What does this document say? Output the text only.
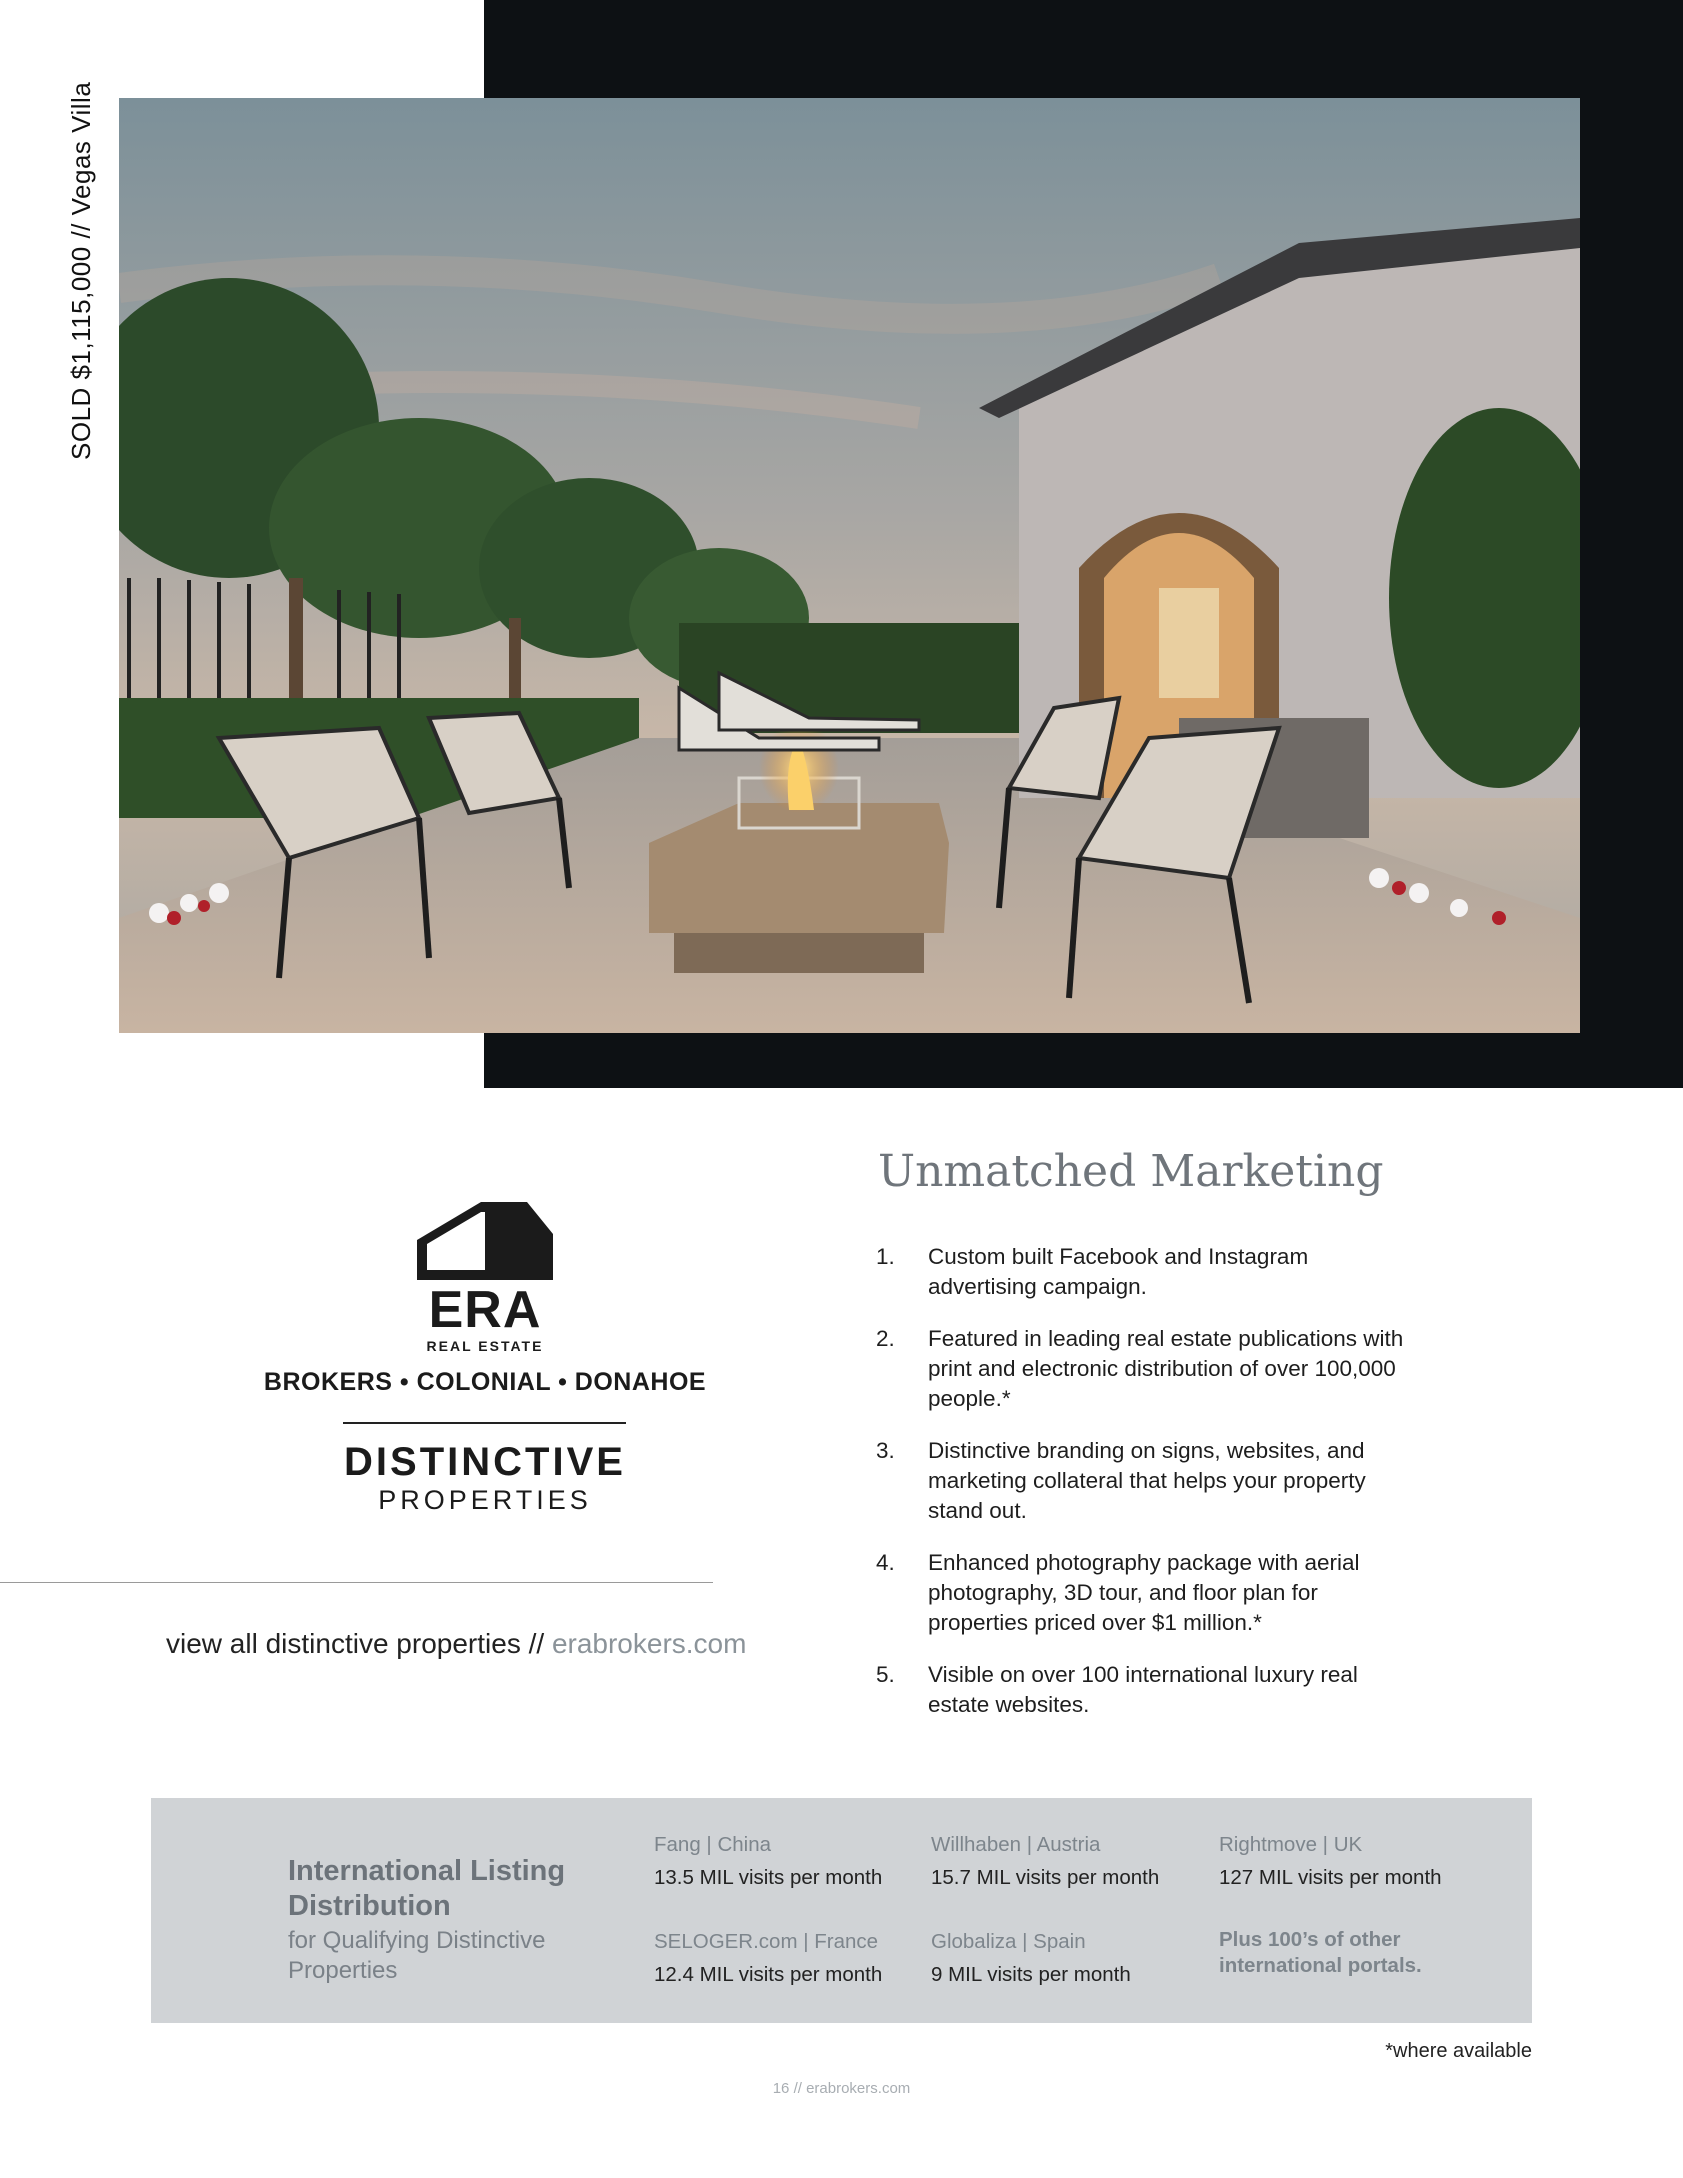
SOLD $1,115,000 // Vegas Villa
ERA
REAL ESTATE
BROKERS • COLONIAL • DONAHOE
DISTINCTIVE
PROPERTIES
view all distinctive properties // erabrokers.com
Unmatched Marketing
1. Custom built Facebook and Instagram advertising campaign.
2. Featured in leading real estate publications with print and electronic distribution of over 100,000 people.*
3. Distinctive branding on signs, websites, and marketing collateral that helps your property stand out.
4. Enhanced photography package with aerial photography, 3D tour, and floor plan for properties priced over $1 million.*
5. Visible on over 100 international luxury real estate websites.
International Listing Distribution
for Qualifying Distinctive Properties
Fang | China
13.5 MIL visits per month
Willhaben | Austria
15.7 MIL visits per month
Rightmove | UK
127 MIL visits per month
SELOGER.com | France
12.4 MIL visits per month
Globaliza | Spain
9 MIL visits per month
Plus 100’s of other international portals.
*where available
16 // erabrokers.com
